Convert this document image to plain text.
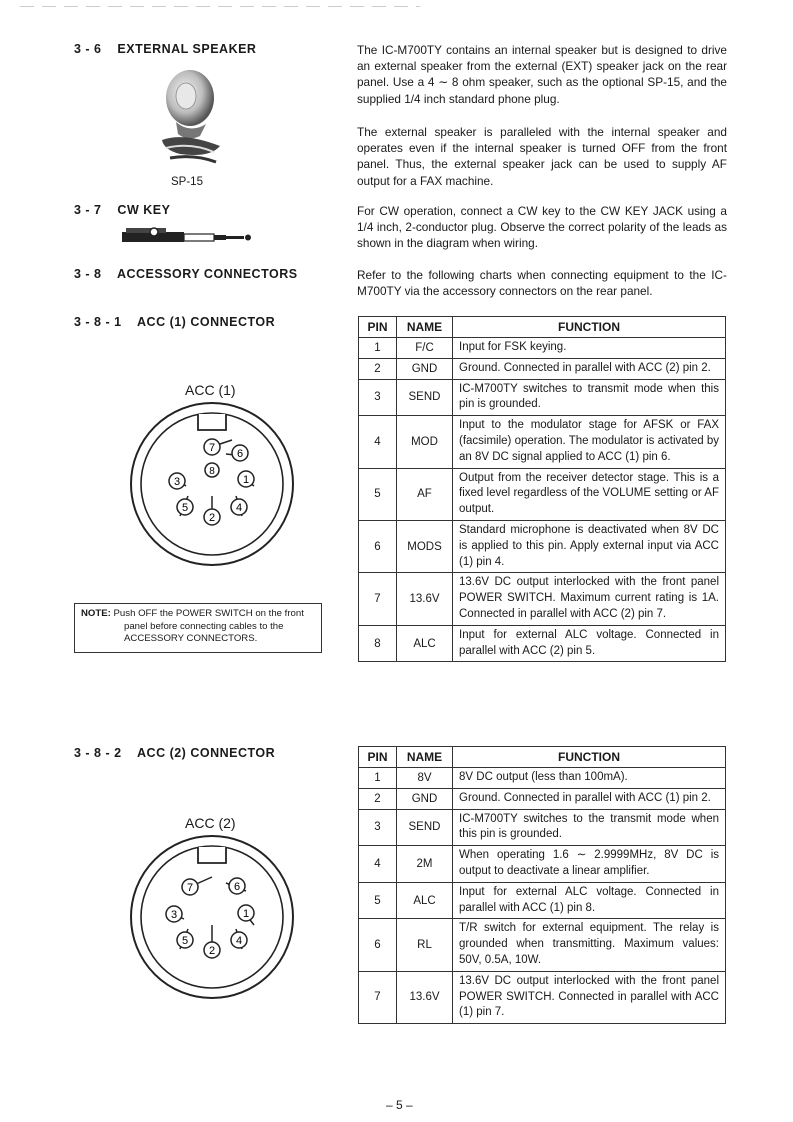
3 - 6 EXTERNAL SPEAKER
SP-15
3 - 7 CW KEY
3 - 8 ACCESSORY CONNECTORS
3 - 8 - 1 ACC (1) CONNECTOR
ACC (1)
7 6
8
3	1
5
2
4
NOTE: Push OFF the POWER SWITCH on the front panel before connecting cables to the ACCESSORY CONNECTORS.
3 - 8 - 2 ACC (2) CONNECTOR
ACC (2)
7	6
3	1
5
2
4
The IC-M700TY contains an internal speaker but is designed to drive an external speaker from the external (EXT) speaker jack on the rear panel. Use a 4 ∼ 8 ohm speaker, such as the optional SP-15, and the supplied 1/4 inch standard phone plug.
The external speaker is paralleled with the internal speaker and operates even if the internal speaker is turned OFF from the front panel. Thus, the external speaker jack can be used to supply AF output for a FAX machine.
For CW operation, connect a CW key to the CW KEY JACK using a 1/4 inch, 2-conductor plug. Observe the correct polarity of the leads as shown in the diagram when wiring.
Refer to the following charts when connecting equipment to the IC-M700TY via the accessory connectors on the rear panel.
PIN	NAME	FUNCTION
1	F/C	Input for FSK keying.
2	GND	Ground. Connected in parallel with ACC (2) pin 2.
3	SEND	IC-M700TY switches to transmit mode when this pin is grounded.
4	MOD	Input to the modulator stage for AFSK or FAX (facsimile) operation. The modulator is activated by an 8V DC signal applied to ACC (1) pin 6.
5	AF	Output from the receiver detector stage. This is a fixed level regardless of the VOLUME setting or AF output.
6	MODS	Standard microphone is deactivated when 8V DC is applied to this pin. Apply external input via ACC (1) pin 4.
7	13.6V	13.6V DC output interlocked with the front panel POWER SWITCH. Maximum current rating is 1A. Connected in parallel with ACC (2) pin 7.
8	ALC	Input for external ALC voltage. Connected in parallel with ACC (2) pin 5.
PIN	NAME	FUNCTION
1	8V	8V DC output (less than 100mA).
2	GND	Ground. Connected in parallel with ACC (1) pin 2.
3	SEND	IC-M700TY switches to the transmit mode when this pin is grounded.
4	2M	When operating 1.6 ∼ 2.9999MHz, 8V DC is output to deactivate a linear amplifier.
5	ALC	Input for external ALC voltage. Connected in parallel with ACC (1) pin 8.
6	RL	T/R switch for external equipment. The relay is grounded when transmitting. Maximum values: 50V, 0.5A, 10W.
7	13.6V	13.6V DC output interlocked with the front panel POWER SWITCH. Connected in parallel with ACC (1) pin 7.
– 5 –
